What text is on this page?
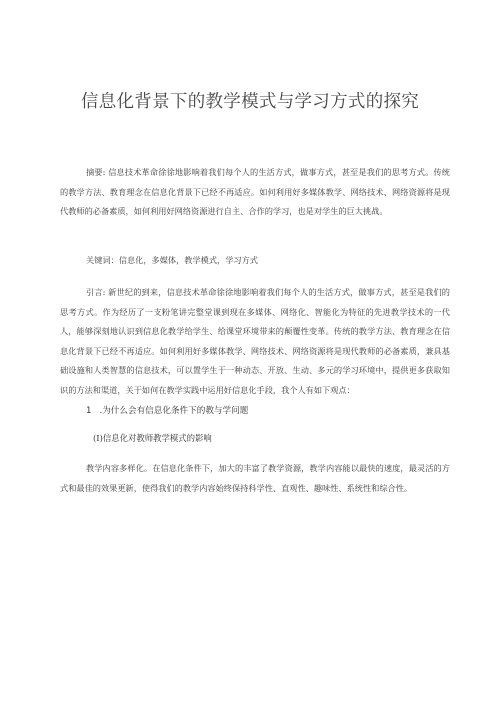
信息化背景下的教学模式与学习方式的探究

摘要: 信息技术革命徐徐地影响着我们每个人的生活方式，做事方式，甚至是我们的思考方式。传统的教学方法、教育理念在信息化背景下已经不再适应。如何利用好多媒体教学、网络技术、网络资源将是现代教师的必备素质，如何利用好网络资源进行自主、合作的学习，也是对学生的巨大挑战。

关键词：信息化，多媒体，教学模式，学习方式

引言: 新世纪的到来，信息技术革命徐徐地影响着我们每个人的生活方式，做事方式，甚至是我们的思考方式。作为经历了一支粉笔讲完整堂课到现在多媒体、网络化、智能化为特征的先进教学技术的一代人，能够深刻地认识到信息化教学给学生、给课堂环境带来的颠覆性变革。传统的教学方法、教育理念在信息化背景下已经不再适应。如何利用好多媒体教学、网络技术、网络资源将是现代教师的必备素质，兼具基础设施和人类智慧的信息技术，可以置学生于一种动态、开放、生动、多元的学习环境中，提供更多获取知识的方法和渠道，关于如何在教学实践中运用好信息化手段，我个人有如下观点：

1 .为什么会有信息化条件下的教与学问题
(I)信息化对教师教学模式的影响

教学内容多样化。在信息化条件下，加大的丰富了教学资源，教学内容能以最快的速度，最灵活的方式和最佳的效果更新，使得我们的教学内容始终保持科学性、直观性、趣味性、系统性和综合性。
